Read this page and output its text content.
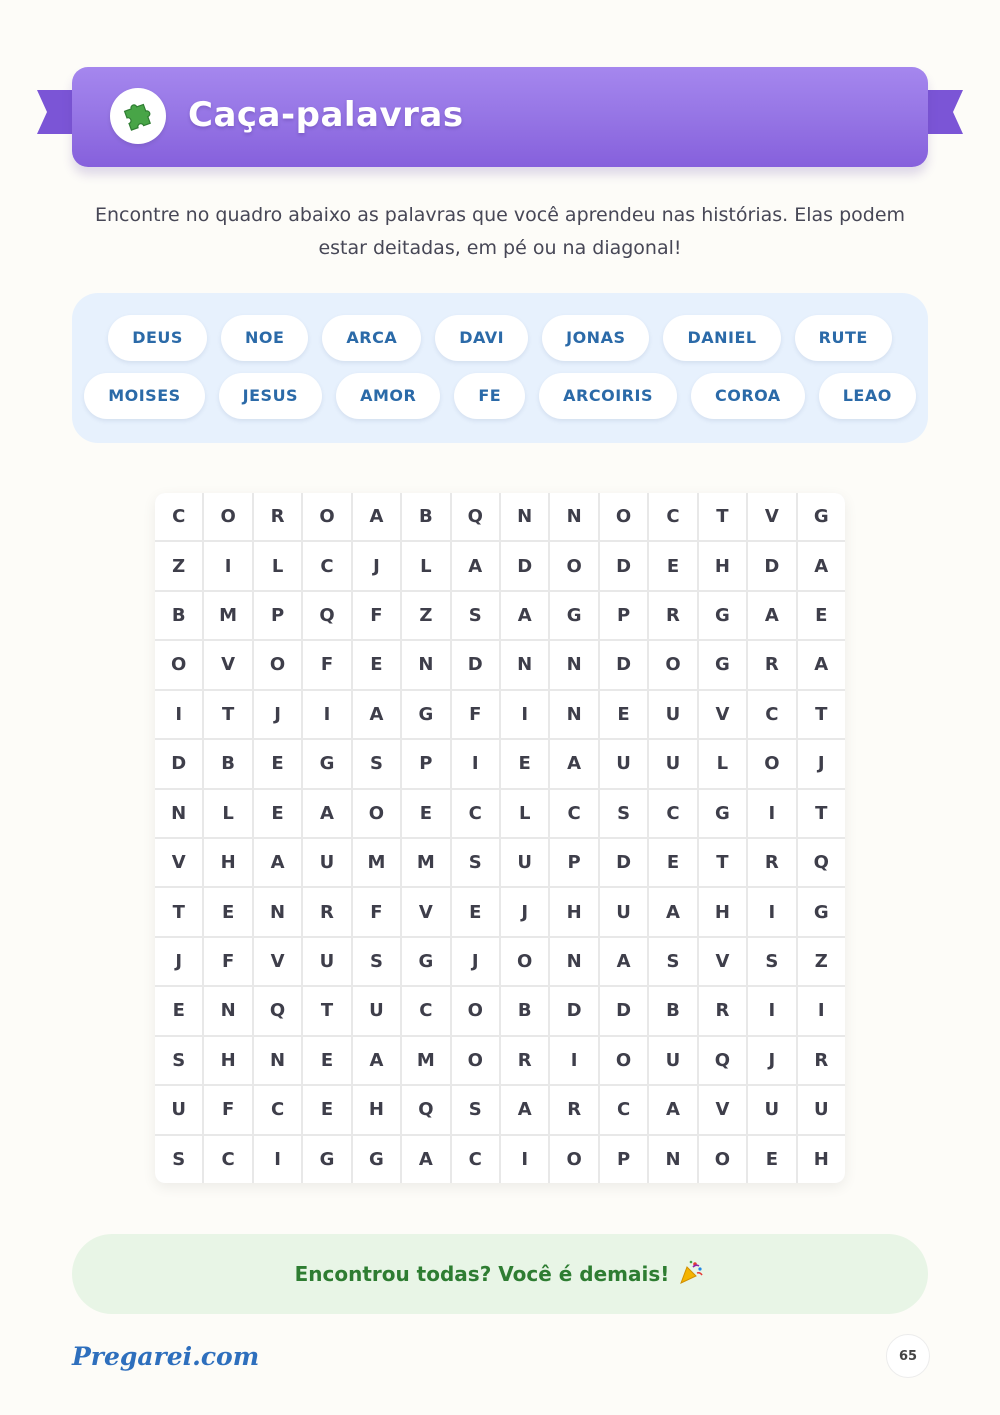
Caça-palavras
Encontre no quadro abaixo as palavras que você aprendeu nas histórias. Elas podem estar deitadas, em pé ou na diagonal!
DEUS	NOE	ARCA	DAVI	JONAS	DANIEL	RUTE
MOISES	JESUS	AMOR	FE	ARCOIRIS	COROA	LEAO
C	O	R	O	A	B	Q	N	N	O	C	T	V	G
Z	I	L	C	J	L	A	D	O	D	E	H	D	A
B	M	P	Q	F	Z	S	A	G	P	R	G	A	E
O	V	O	F	E	N	D	N	N	D	O	G	R	A
I	T	J	I	A	G	F	I	N	E	U	V	C	T
D	B	E	G	S	P	I	E	A	U	U	L	O	J
N	L	E	A	O	E	C	L	C	S	C	G	I	T
V	H	A	U	M	M	S	U	P	D	E	T	R	Q
T	E	N	R	F	V	E	J	H	U	A	H	I	G
J	F	V	U	S	G	J	O	N	A	S	V	S	Z
E	N	Q	T	U	C	O	B	D	D	B	R	I	I
S	H	N	E	A	M	O	R	I	O	U	Q	J	R
U	F	C	E	H	Q	S	A	R	C	A	V	U	U
S	C	I	G	G	A	C	I	O	P	N	O	E	H
Encontrou todas? Você é demais!
Pregarei.com	65
